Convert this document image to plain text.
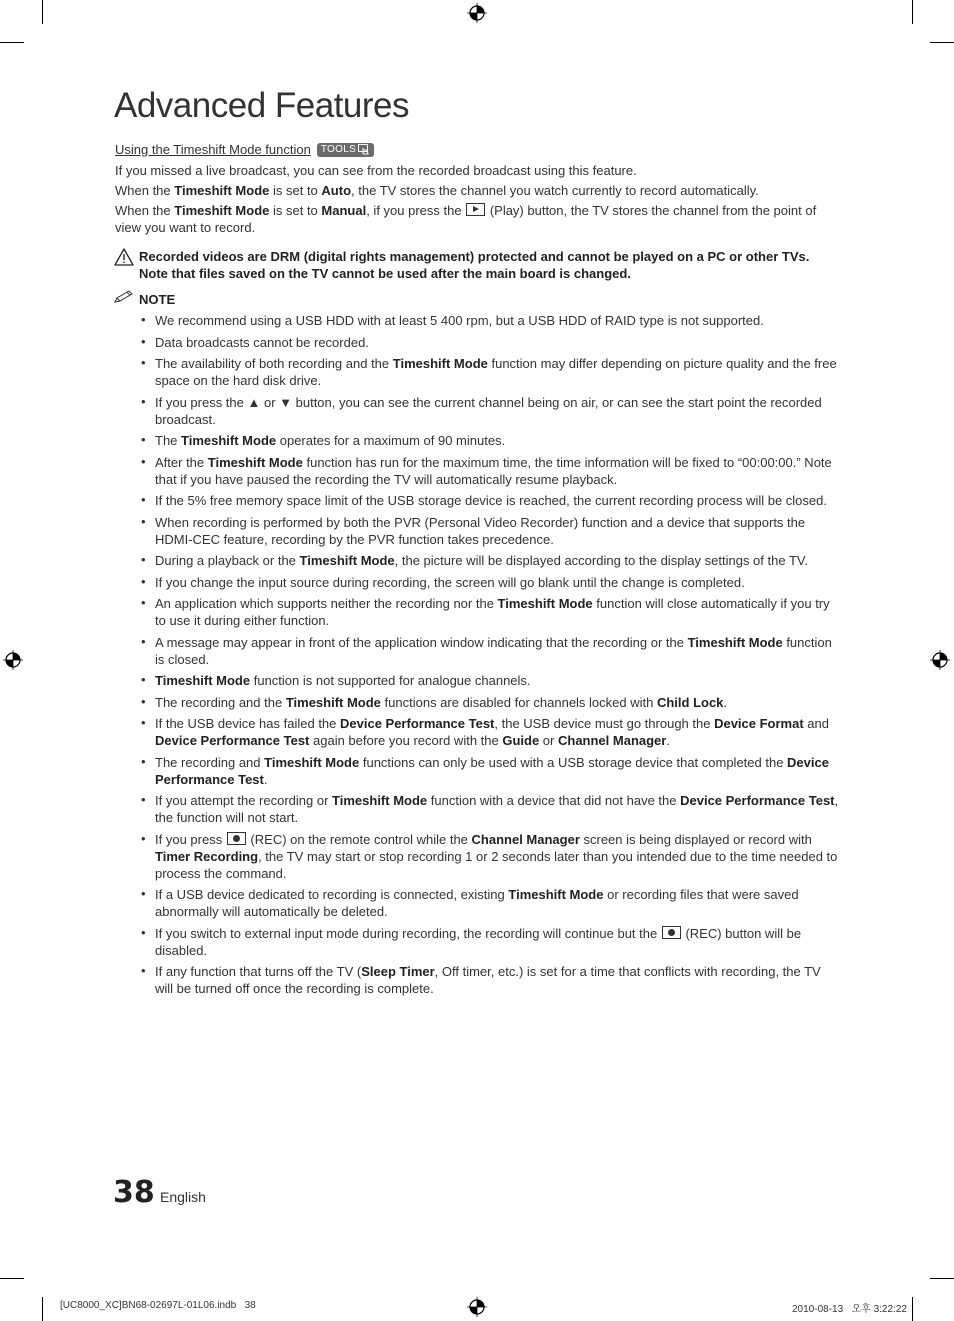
Advanced Features
Using the Timeshift Mode function TOOLS

If you missed a live broadcast, you can see from the recorded broadcast using this feature.

When the Timeshift Mode is set to Auto, the TV stores the channel you watch currently to record automatically.

When the Timeshift Mode is set to Manual, if you press the  (Play) button, the TV stores the channel from the point of view you want to record.

Recorded videos are DRM (digital rights management) protected and cannot be played on a PC or other TVs. Note that files saved on the TV cannot be used after the main board is changed.
NOTE
• We recommend using a USB HDD with at least 5 400 rpm, but a USB HDD of RAID type is not supported.
• Data broadcasts cannot be recorded.
• The availability of both recording and the Timeshift Mode function may differ depending on picture quality and the free space on the hard disk drive.
• If you press the ▲ or ▼ button, you can see the current channel being on air, or can see the start point the recorded broadcast.
• The Timeshift Mode operates for a maximum of 90 minutes.
• After the Timeshift Mode function has run for the maximum time, the time information will be fixed to “00:00:00.” Note that if you have paused the recording the TV will automatically resume playback.
• If the 5% free memory space limit of the USB storage device is reached, the current recording process will be closed.
• When recording is performed by both the PVR (Personal Video Recorder) function and a device that supports the HDMI-CEC feature, recording by the PVR function takes precedence.
• During a playback or the Timeshift Mode, the picture will be displayed according to the display settings of the TV.
• If you change the input source during recording, the screen will go blank until the change is completed.
• An application which supports neither the recording nor the Timeshift Mode function will close automatically if you try to use it during either function.
• A message may appear in front of the application window indicating that the recording or the Timeshift Mode function is closed.
• Timeshift Mode function is not supported for analogue channels.
• The recording and the Timeshift Mode functions are disabled for channels locked with Child Lock.
• If the USB device has failed the Device Performance Test, the USB device must go through the Device Format and Device Performance Test again before you record with the Guide or Channel Manager.
• The recording and Timeshift Mode functions can only be used with a USB storage device that completed the Device Performance Test.
• If you attempt the recording or Timeshift Mode function with a device that did not have the Device Performance Test, the function will not start.
• If you press  (REC) on the remote control while the Channel Manager screen is being displayed or record with Timer Recording, the TV may start or stop recording 1 or 2 seconds later than you intended due to the time needed to process the command.
• If a USB device dedicated to recording is connected, existing Timeshift Mode or recording files that were saved abnormally will automatically be deleted.
• If you switch to external input mode during recording, the recording will continue but the  (REC) button will be disabled.
• If any function that turns off the TV (Sleep Timer, Off timer, etc.) is set for a time that conflicts with recording, the TV will be turned off once the recording is complete.
38 English
[UC8000_XC]BN68-02697L-01L06.indb   38	2010-08-13   오후 3:22:22
